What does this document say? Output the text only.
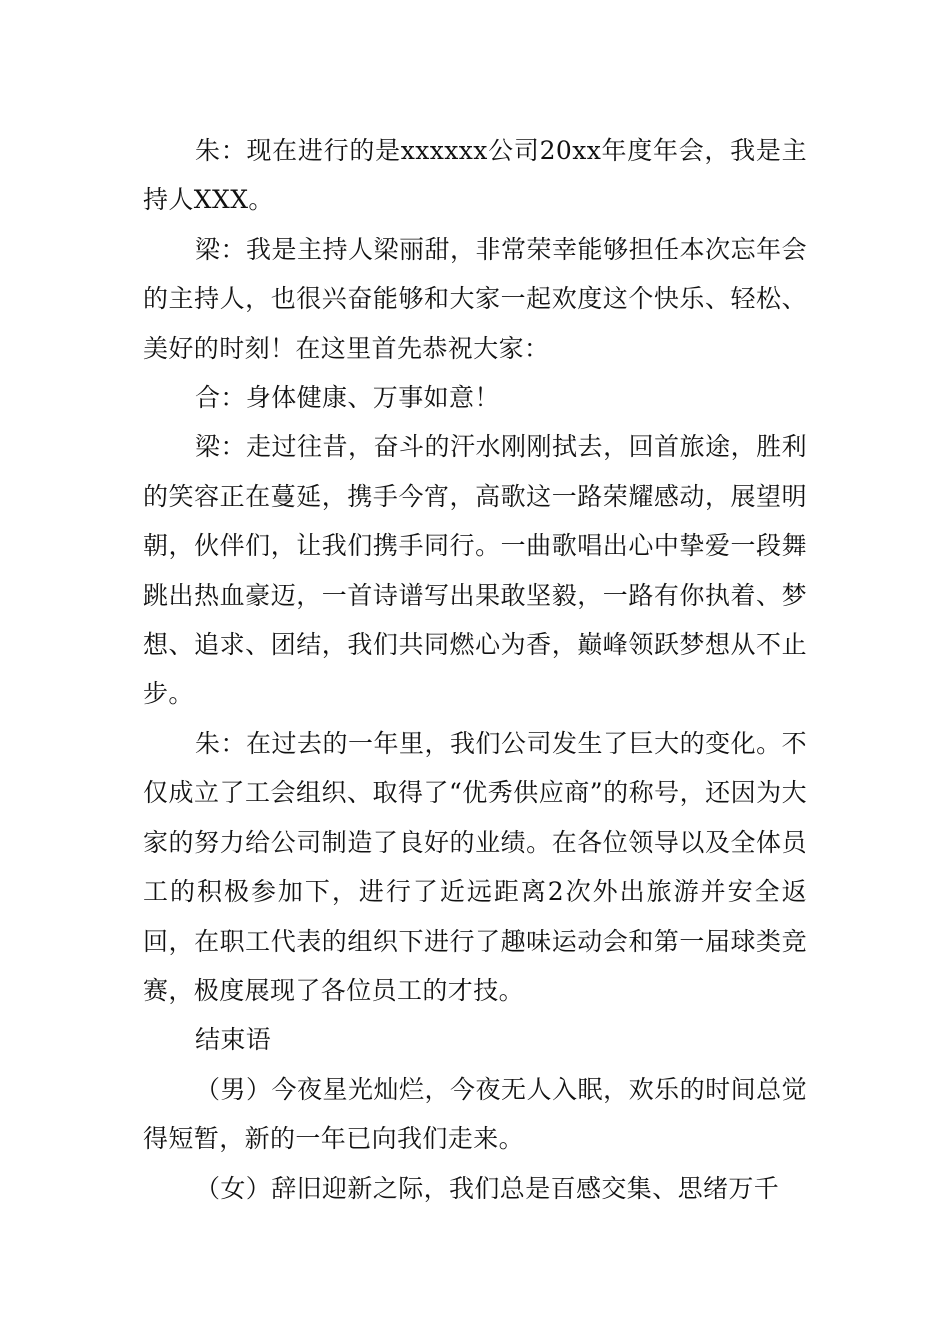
朱：现在进行的是xxxxxx公司20xx年度年会，我是主持人XXX。

梁：我是主持人梁丽甜，非常荣幸能够担任本次忘年会的主持人，也很兴奋能够和大家一起欢度这个快乐、轻松、美好的时刻！在这里首先恭祝大家：

合：身体健康、万事如意！

梁：走过往昔，奋斗的汗水刚刚拭去，回首旅途，胜利的笑容正在蔓延，携手今宵，高歌这一路荣耀感动，展望明朝，伙伴们，让我们携手同行。一曲歌唱出心中挚爱一段舞跳出热血豪迈，一首诗谱写出果敢坚毅，一路有你执着、梦想、追求、团结，我们共同燃心为香，巅峰领跃梦想从不止步。

朱：在过去的一年里，我们公司发生了巨大的变化。不仅成立了工会组织、取得了“优秀供应商”的称号，还因为大家的努力给公司制造了良好的业绩。在各位领导以及全体员工的积极参加下，进行了近远距离2次外出旅游并安全返回，在职工代表的组织下进行了趣味运动会和第一届球类竞赛，极度展现了各位员工的才技。

结束语

（男）今夜星光灿烂，今夜无人入眠，欢乐的时间总觉得短暂，新的一年已向我们走来。

（女）辞旧迎新之际，我们总是百感交集、思绪万千
